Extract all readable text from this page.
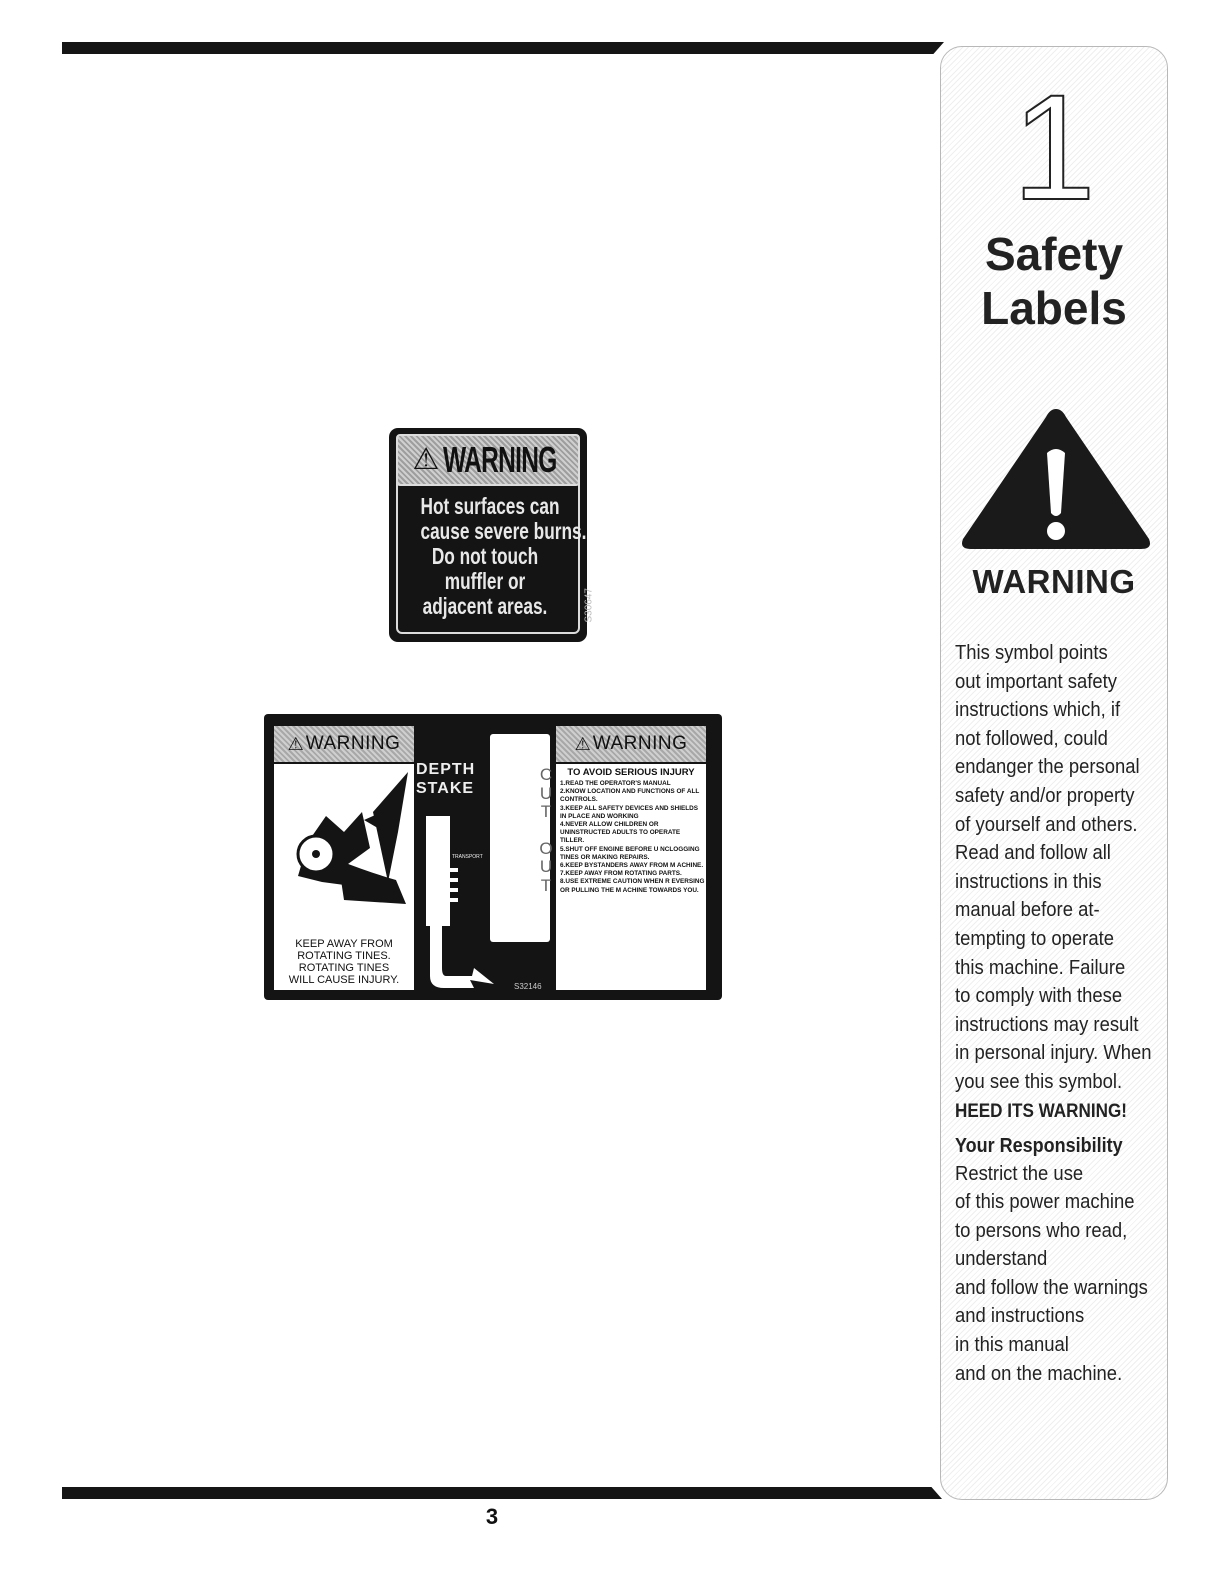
⚠ WARNING
Hot surfaces can
cause severe burns.
Do not touch
muffler or
adjacent areas.	S30647
⚠ WARNING
KEEP AWAY FROM
ROTATING TINES.
ROTATING TINES
WILL CAUSE INJURY.
DEPTH
STAKE
TRANSPORT
C
U
T
O
U
T
⚠ WARNING
TO AVOID SERIOUS INJURY
1.READ THE OPERATOR'S MANUAL
2.KNOW LOCATION AND FUNCTIONS OF ALL CONTROLS.
3.KEEP ALL SAFETY DEVICES AND SHIELDS IN PLACE AND WORKING
4.NEVER ALLOW CHILDREN OR UNINSTRUCTED ADULTS TO OPERATE TILLER.
5.SHUT OFF ENGINE BEFORE U NCLOGGING TINES OR MAKING REPAIRS.
6.KEEP BYSTANDERS AWAY FROM M ACHINE.
7.KEEP AWAY FROM ROTATING PARTS.
8.USE EXTREME CAUTION WHEN R EVERSING OR PULLING THE M ACHINE TOWARDS YOU.
S32146
1
Safety
Labels
WARNING
This symbol points
out important safety
instructions which, if
not followed, could
endanger the personal
safety and/or property
of yourself and others.
Read and follow all
instructions in this
manual before at-
tempting to operate
this machine. Failure
to comply with these
instructions may result
in personal injury. When
you see this symbol.
HEED ITS WARNING!
Your Responsibility
Restrict the use
of this power machine
to persons who read,
understand
and follow the warnings
and instructions
in this manual
and on the machine.
3
